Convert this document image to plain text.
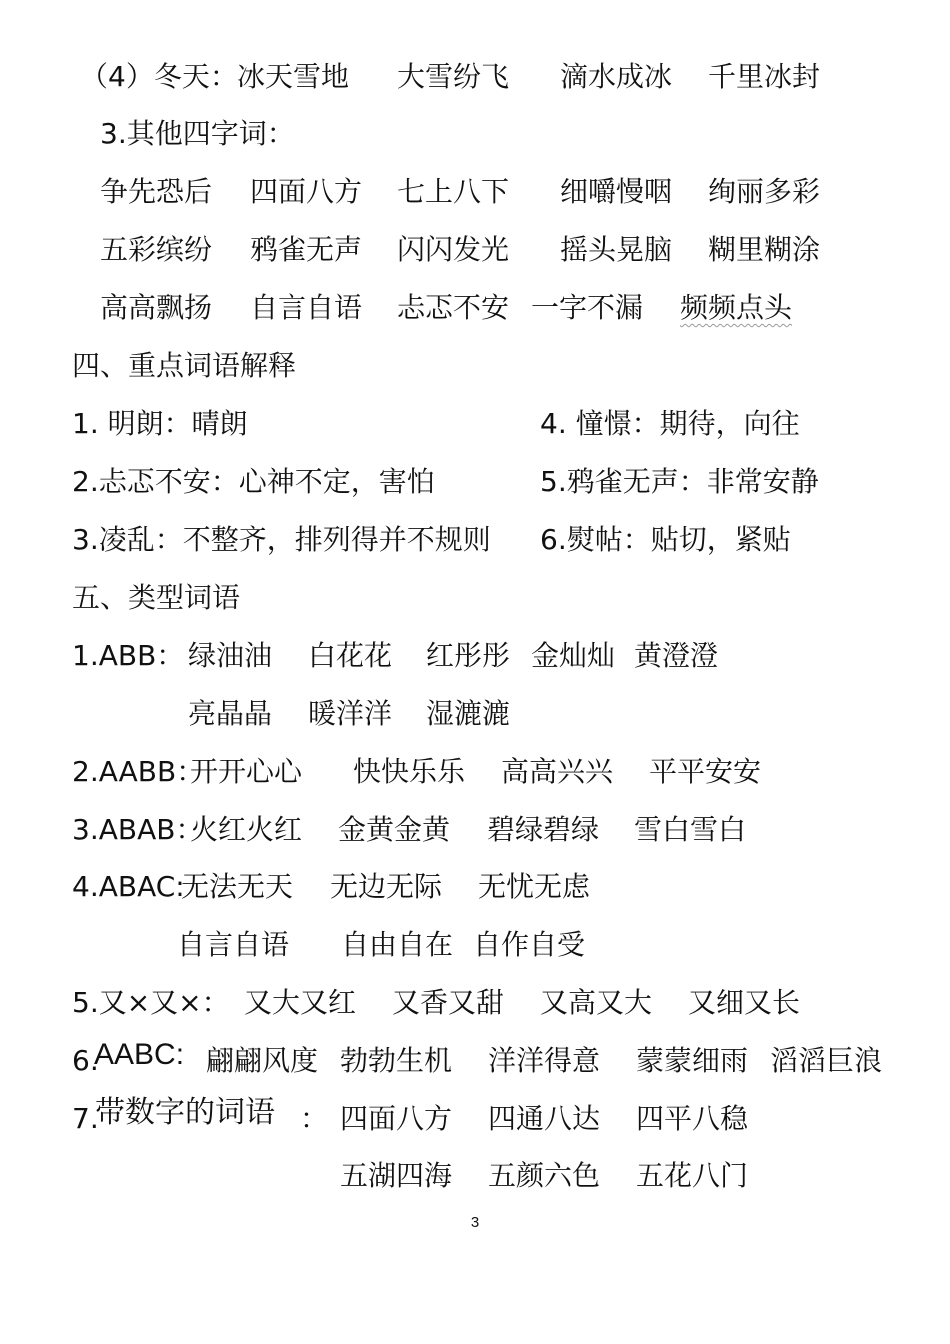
（4）冬天： 冰天雪地 大雪纷飞 滴水成冰 千里冰封
3.其他四字词：
争先恐后 四面八方 七上八下 细嚼慢咽 绚丽多彩
五彩缤纷 鸦雀无声 闪闪发光 摇头晃脑 糊里糊涂
高高飘扬 自言自语 忐忑不安 一字不漏 频频点头
四、重点词语解释
1. 明朗：晴朗	4. 憧憬：期待，向往
2.忐忑不安：心神不定，害怕	5.鸦雀无声：非常安静
3.凌乱：不整齐，排列得并不规则 6.熨帖：贴切，紧贴
五、类型词语
1.ABB： 绿油油 白花花 红彤彤 金灿灿 黄澄澄
亮晶晶 暖洋洋 湿漉漉
2.AABB：
开开心心 快快乐乐 高高兴兴 平平安安
3.ABAB：
火红火红 金黄金黄 碧绿碧绿 雪白雪白
4.ABAC:
无法无天 无边无际 无忧无虑
自言自语 自由自在 自作自受
5.又×又×： 又大又红 又香又甜 又高又大 又细又长
6.
AABC: 翩翩风度 勃勃生机 洋洋得意 蒙蒙细雨 滔滔巨浪
7.
带数字的词语 ： 四面八方 四通八达 四平八稳
五湖四海 五颜六色 五花八门
3
